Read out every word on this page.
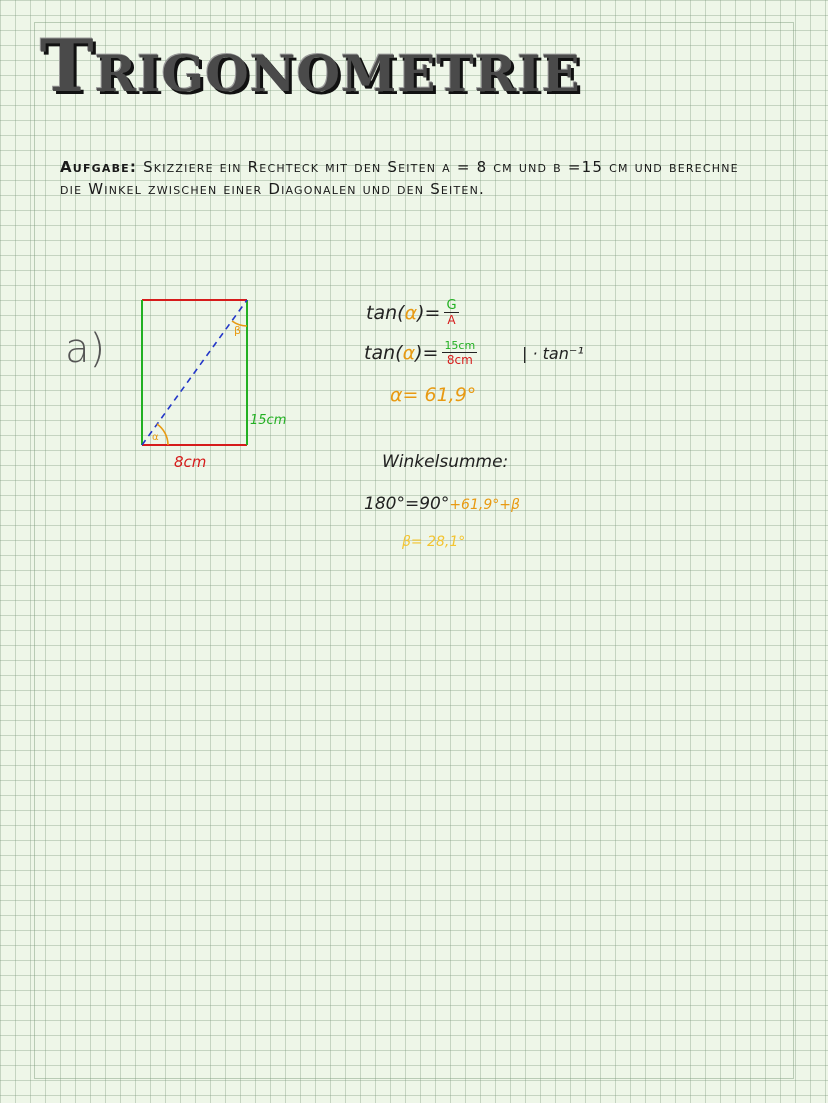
Trigonometrie
Aufgabe: Skizziere ein Rechteck mit den Seiten a = 8 cm und b =15 cm und berechne die Winkel zwischen einer Diagonalen und den Seiten.
a)
α
β
15cm
8cm
$\tan(\alpha)= \frac{G}{A}$
$\tan(\alpha)= \frac{15cm}{8cm}$	| · tan⁻¹
α= 61,9°
Winkelsumme:
180°=90°+61,9°+β
β= 28,1°
